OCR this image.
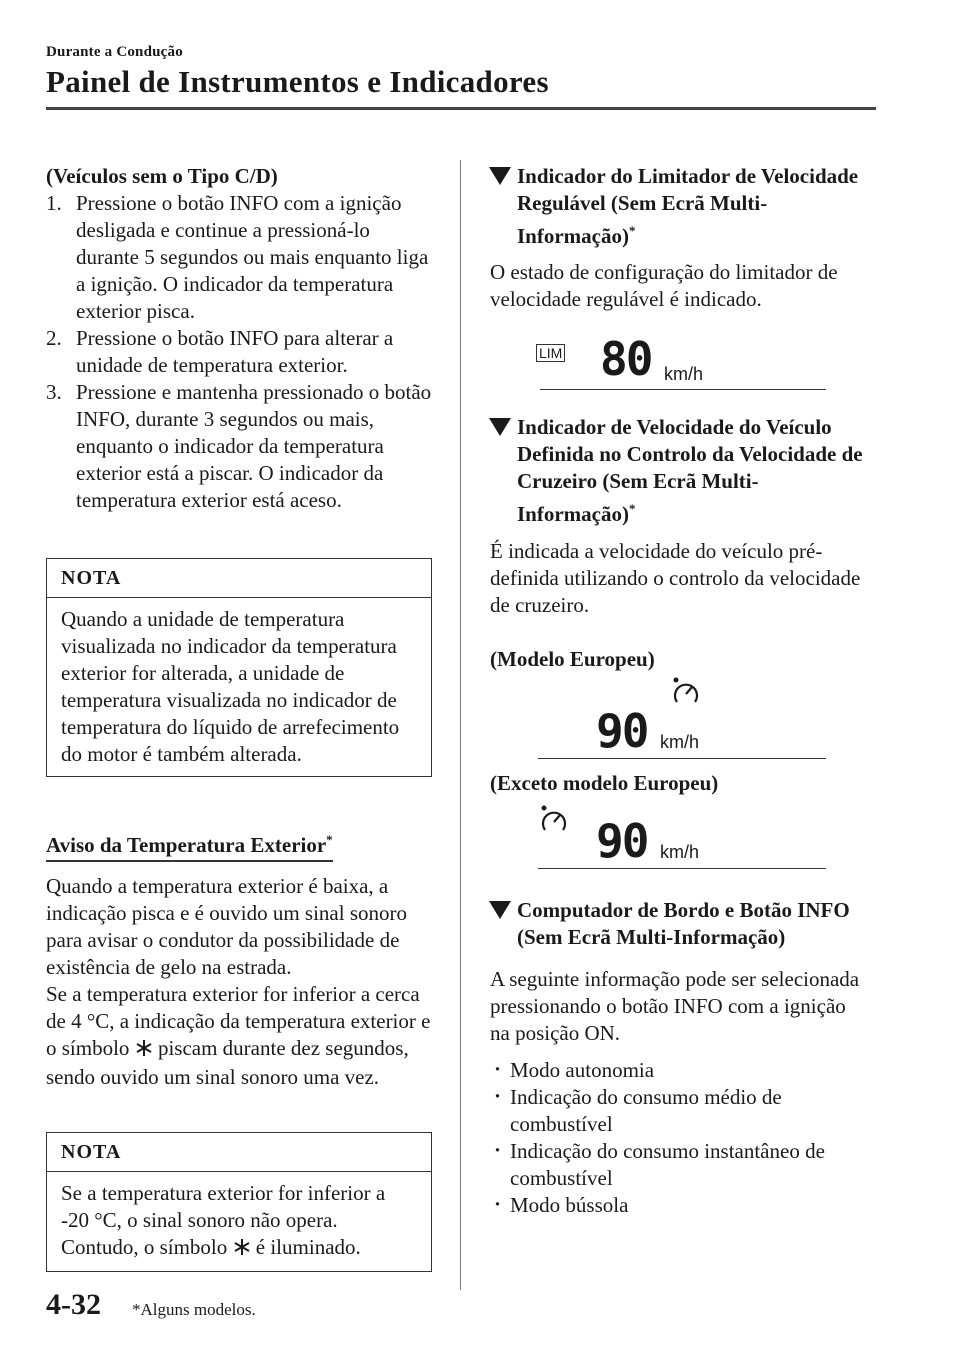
Durante a Condução
Painel de Instrumentos e Indicadores
(Veículos sem o Tipo C/D)
1. Pressione o botão INFO com a ignição desligada e continue a pressioná-lo durante 5 segundos ou mais enquanto liga a ignição. O indicador da temperatura exterior pisca.
2. Pressione o botão INFO para alterar a unidade de temperatura exterior.
3. Pressione e mantenha pressionado o botão INFO, durante 3 segundos ou mais, enquanto o indicador da temperatura exterior está a piscar. O indicador da temperatura exterior está aceso.
NOTA
Quando a unidade de temperatura visualizada no indicador da temperatura exterior for alterada, a unidade de temperatura visualizada no indicador de temperatura do líquido de arrefecimento do motor é também alterada.
Aviso da Temperatura Exterior*
Quando a temperatura exterior é baixa, a indicação pisca e é ouvido um sinal sonoro para avisar o condutor da possibilidade de existência de gelo na estrada.
Se a temperatura exterior for inferior a cerca de 4 °C, a indicação da temperatura exterior e o símbolo piscam durante dez segundos, sendo ouvido um sinal sonoro uma vez.
NOTA
Se a temperatura exterior for inferior a -20 °C, o sinal sonoro não opera. Contudo, o símbolo é iluminado.
Indicador do Limitador de Velocidade Regulável (Sem Ecrã Multi-Informação)*
O estado de configuração do limitador de velocidade regulável é indicado.
LIM 80 km/h
Indicador de Velocidade do Veículo Definida no Controlo da Velocidade de Cruzeiro (Sem Ecrã Multi-Informação)*
É indicada a velocidade do veículo pré-definida utilizando o controlo da velocidade de cruzeiro.
(Modelo Europeu)
90 km/h
(Exceto modelo Europeu)
90 km/h
Computador de Bordo e Botão INFO (Sem Ecrã Multi-Informação)
A seguinte informação pode ser selecionada pressionando o botão INFO com a ignição na posição ON.
· Modo autonomia
· Indicação do consumo médio de combustível
· Indicação do consumo instantâneo de combustível
· Modo bússola
4-32 *Alguns modelos.
